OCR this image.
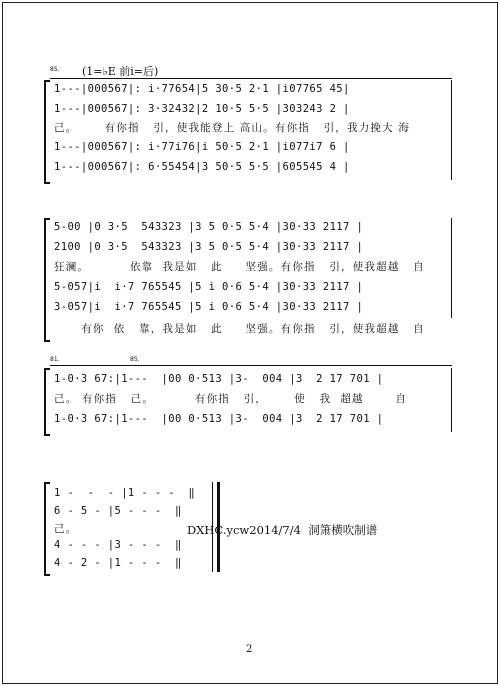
85. (1=♭E 前i=后)
1---|000567|: i·77654|5 30·5 2·1 |i07765 45|
1---|000567|: 3·32432|2 10·5 5·5 |303243 2 |
己。      有你指   引，使我能登上 高山。有你指   引，我力挽大 海
1---|000567|: i·77i76|i 50·5 2·1 |i077i7 6 |
1---|000567|: 6·55454|3 50·5 5·5 |605545 4 |
5-00 |0 3·5  543323 |3 5 0·5 5·4 |30·33 2117 |
2100 |0 3·5  543323 |3 5 0·5 5·4 |30·33 2117 |
狂澜。         依靠  我是如   此     坚强。有你指   引，使我超越   自
5-057|i  i·7 765545 |5 i 0·6 5·4 |30·33 2117 |
3-057|i  i·7 765545 |5 i 0·6 5·4 |30·33 2117 |
有你  依   靠，我是如   此     坚强。有你指   引，使我超越   自
81.	85.
1-0·3 67:|1---  |00 0·513 |3-  004 |3  2 17 701 |
己。 有你指   己。         有你指   引，      使   我  超越       自
1-0·3 67:|1---  |00 0·513 |3-  004 |3  2 17 701 |
1 -  -  - |1 - - -  ‖
6 - 5 - |5 - - -  ‖
己。
4 - - - |3 - - -  ‖
4 - 2 - |1 - - -  ‖
DXHC.ycw2014/7/4  洞箫横吹制谱
2
